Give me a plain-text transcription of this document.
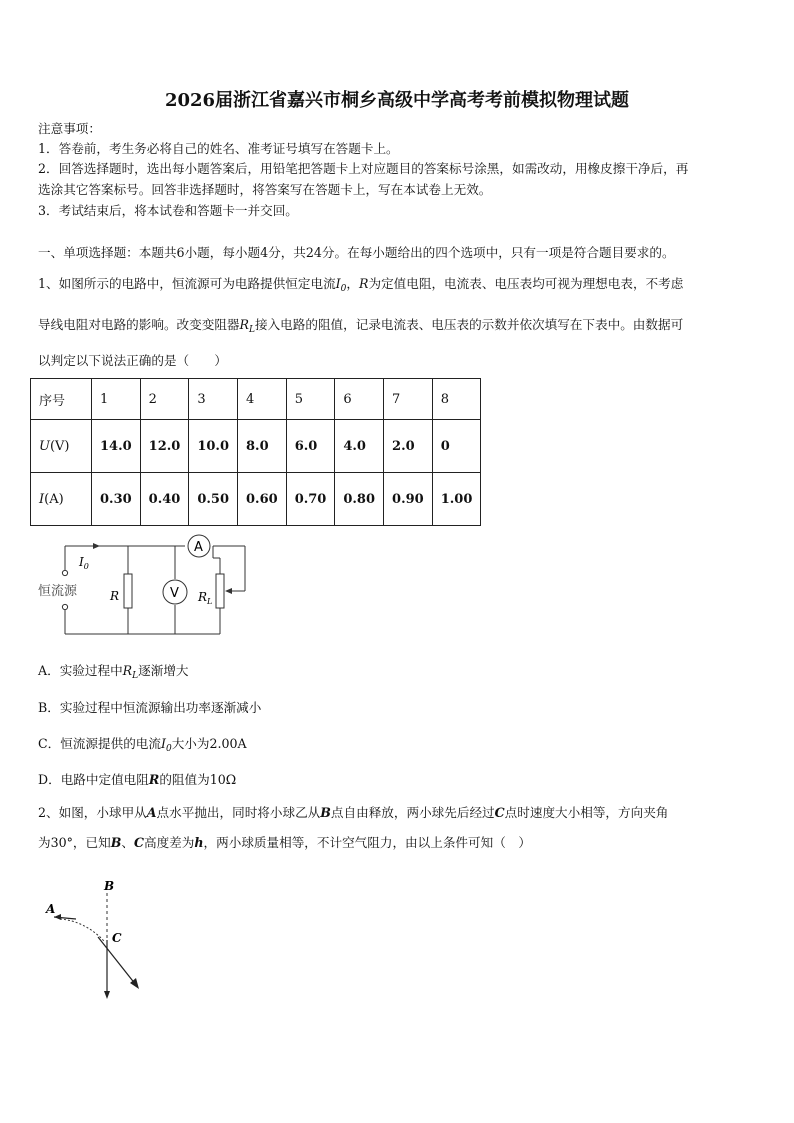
2026届浙江省嘉兴市桐乡高级中学高考考前模拟物理试题
注意事项：
1．答卷前，考生务必将自己的姓名、准考证号填写在答题卡上。
2．回答选择题时，选出每小题答案后，用铅笔把答题卡上对应题目的答案标号涂黑，如需改动，用橡皮擦干净后，再
选涂其它答案标号。回答非选择题时，将答案写在答题卡上，写在本试卷上无效。
3．考试结束后，将本试卷和答题卡一并交回。
一、单项选择题：本题共6小题，每小题4分，共24分。在每小题给出的四个选项中，只有一项是符合题目要求的。
1、如图所示的电路中，恒流源可为电路提供恒定电流$I_0$，R为定值电阻，电流表、电压表均可视为理想电表，不考虑
导线电阻对电路的影响。改变变阻器$R_L$接入电路的阻值，记录电流表、电压表的示数并依次填写在下表中。由数据可
以判定以下说法正确的是（　　）
序号	1	2	3	4	5	6	7	8
U(V)	14.0	12.0	10.0	8.0	6.0	4.0	2.0	0
I(A)	0.30	0.40	0.50	0.60	0.70	0.80	0.90	1.00
$I_0$
恒流源	R	V
A
$R_L$
A．实验过程中$R_L$逐渐增大
B．实验过程中恒流源输出功率逐渐减小
C．恒流源提供的电流$I_0$大小为2.00A
D．电路中定值电阻R的阻值为10Ω
2、如图，小球甲从A点水平抛出，同时将小球乙从B点自由释放，两小球先后经过C点时速度大小相等，方向夹角
为30°，已知B、C高度差为h，两小球质量相等，不计空气阻力，由以上条件可知（　）
B
A
C
